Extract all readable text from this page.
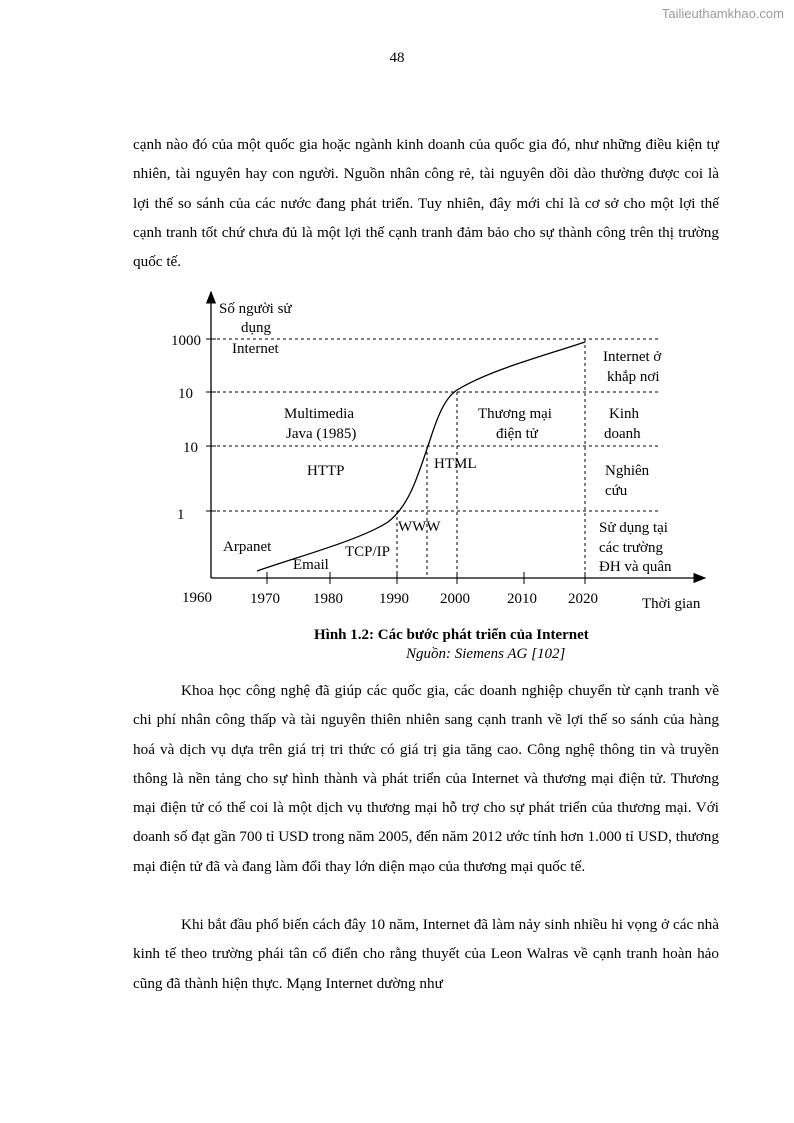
Tailieuthamkhao.com
48

cạnh nào đó của một quốc gia hoặc ngành kinh doanh của quốc gia đó, như những điều kiện tự nhiên, tài nguyên hay con người. Nguồn nhân công rẻ, tài nguyên dồi dào thường được coi là lợi thế so sánh của các nước đang phát triển. Tuy nhiên, đây mới chỉ là cơ sở cho một lợi thế cạnh tranh tốt chứ chưa đủ là một lợi thế cạnh tranh đảm bảo cho sự thành công trên thị trường quốc tế.

Số người sử
dụng
Internet
1000
10
10
1
1960	1970 1980 1990 2000 2010 2020	Thời gian
Internet ở
khắp nơi
Multimedia
Java (1985)
Thương mại
điện tử
Kinh
doanh
HTTP	HTML	Nghiên
cứu
WWW	Sử dụng tại
các trường
ĐH và quân
Arpanet	TCP/IP
Email
Hình 1.2: Các bước phát triển của Internet
Nguồn: Siemens AG [102]

Khoa học công nghệ đã giúp các quốc gia, các doanh nghiệp chuyển từ cạnh tranh về chi phí nhân công thấp và tài nguyên thiên nhiên sang cạnh tranh về lợi thế so sánh của hàng hoá và dịch vụ dựa trên giá trị tri thức có giá trị gia tăng cao. Công nghệ thông tin và truyền thông là nền tảng cho sự hình thành và phát triển của Internet và thương mại điện tử. Thương mại điện tử có thể coi là một dịch vụ thương mại hỗ trợ cho sự phát triển của thương mại. Với doanh số đạt gần 700 tỉ USD trong năm 2005, đến năm 2012 ước tính hơn 1.000 tỉ USD, thương mại điện tử đã và đang làm đổi thay lớn diện mạo của thương mại quốc tế.

Khi bắt đầu phổ biến cách đây 10 năm, Internet đã làm nảy sinh nhiều hi vọng ở các nhà kinh tế theo trường phái tân cổ điển cho rằng thuyết của Leon Walras về cạnh tranh hoàn hảo cũng đã thành hiện thực. Mạng Internet dường như
